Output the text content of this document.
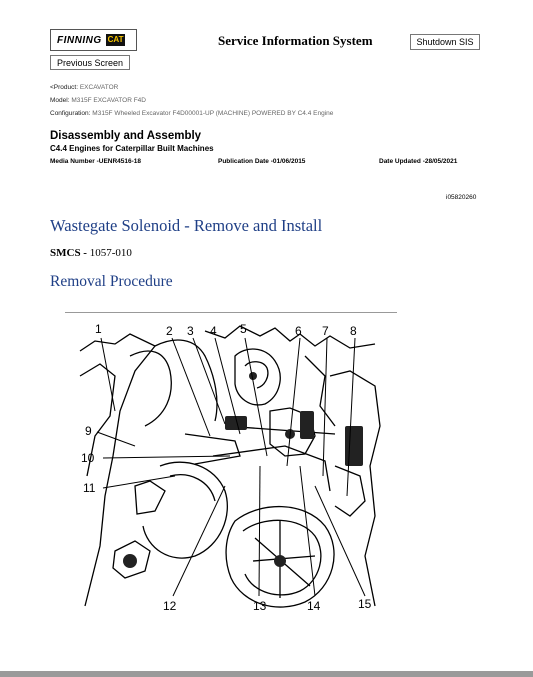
FINNING CAT	Service Information System	Shutdown SIS
Previous Screen
<Product: EXCAVATOR
Model: M315F EXCAVATOR F4D
Configuration: M315F Wheeled Excavator F4D00001-UP (MACHINE) POWERED BY C4.4 Engine
Disassembly and Assembly
C4.4 Engines for Caterpillar Built Machines
Media Number -UENR4516-18	Publication Date -01/06/2015	Date Updated -28/05/2021
i05820260
Wastegate Solenoid - Remove and Install
SMCS - 1057-010
Removal Procedure
1	2 3 4 5	6 7 8
9
10
11
12	13	14	15
